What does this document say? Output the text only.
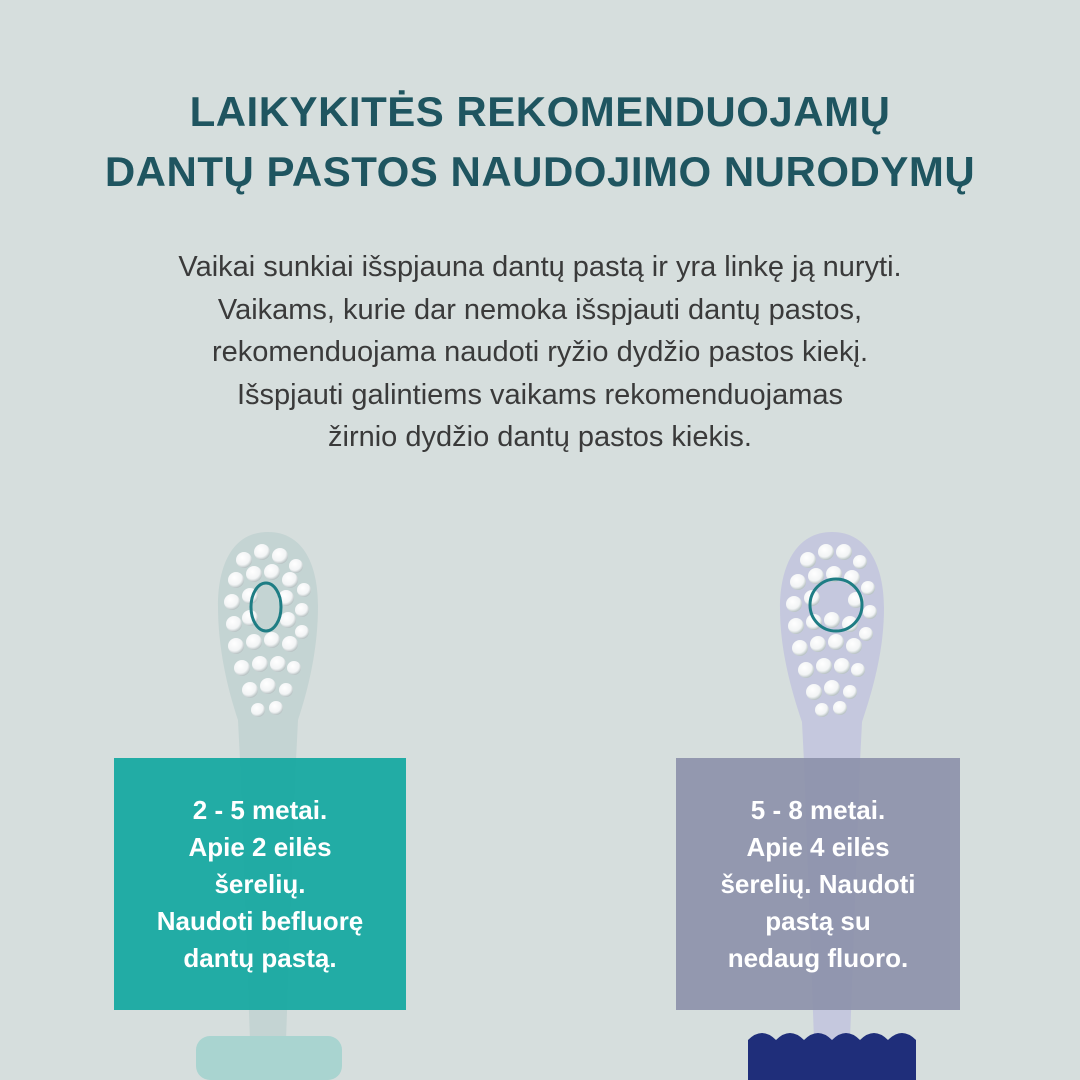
LAIKYKITĖS REKOMENDUOJAMŲ
DANTŲ PASTOS NAUDOJIMO NURODYMŲ

Vaikai sunkiai išspjauna dantų pastą ir yra linkę ją nuryti.
Vaikams, kurie dar nemoka išspjauti dantų pastos,
rekomenduojama naudoti ryžio dydžio pastos kiekį.
Išspjauti galintiems vaikams rekomenduojamas
žirnio dydžio dantų pastos kiekis.

2 - 5 metai.
Apie 2 eilės
šerelių.
Naudoti befluorę
dantų pastą.
5 - 8 metai.
Apie 4 eilės
šerelių. Naudoti
pastą su
nedaug fluoro.
